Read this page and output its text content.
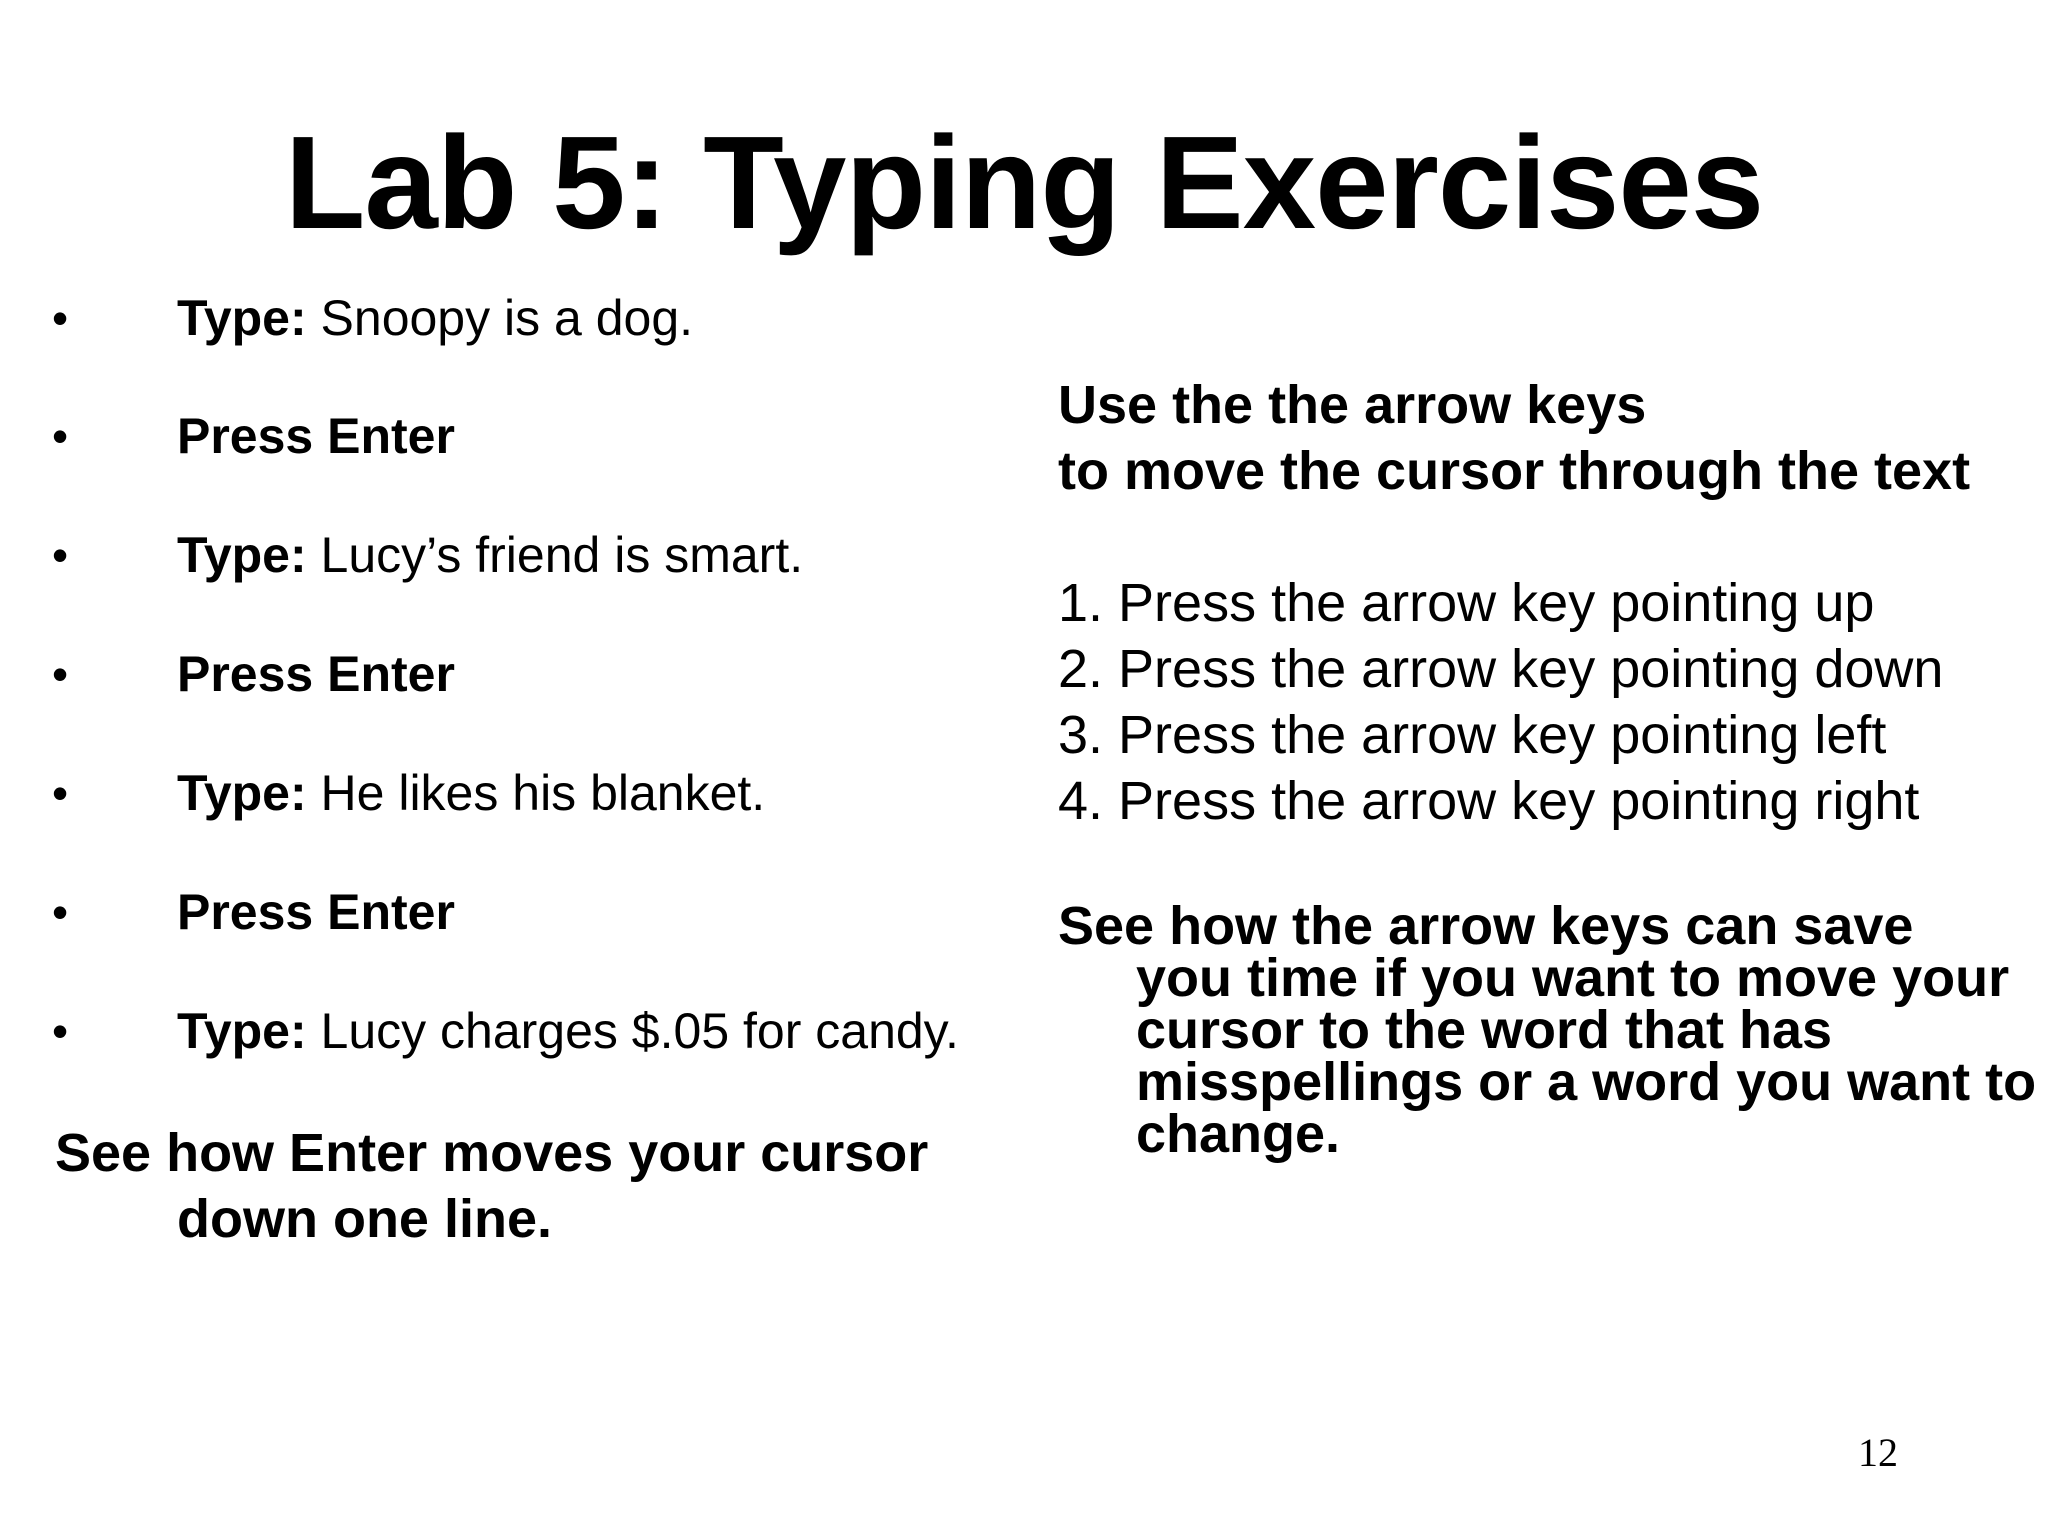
Lab 5: Typing Exercises
• Type: Snoopy is a dog.
• Press Enter
• Type: Lucy’s friend is smart.
• Press Enter
• Type: He likes his blanket.
• Press Enter
• Type: Lucy charges $.05 for candy.
See how Enter moves your cursor
down one line.
Use the the arrow keys
to move the cursor through the text
1. Press the arrow key pointing up
2. Press the arrow key pointing down
3. Press the arrow key pointing left
4. Press the arrow key pointing right
See how the arrow keys can save
you time if you want to move your cursor to the word that has misspellings or a word you want to change.
12
